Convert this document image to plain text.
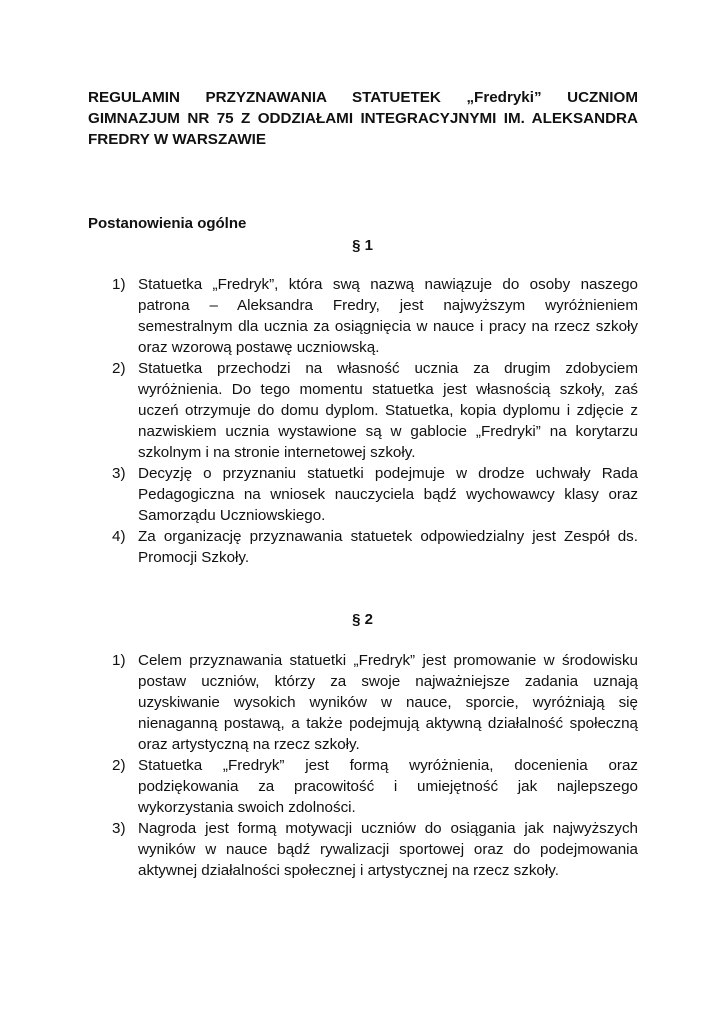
REGULAMIN PRZYZNAWANIA STATUETEK „Fredryki” UCZNIOM GIMNAZJUM NR 75 Z ODDZIAŁAMI INTEGRACYJNYMI IM. ALEKSANDRA FREDRY W WARSZAWIE
Postanowienia ogólne

§ 1

1) Statuetka „Fredryk”, która swą nazwą nawiązuje do osoby naszego patrona – Aleksandra Fredry, jest najwyższym wyróżnieniem semestralnym dla ucznia za osiągnięcia w nauce i pracy na rzecz szkoły oraz wzorową postawę uczniowską.
2) Statuetka przechodzi na własność ucznia za drugim zdobyciem wyróżnienia. Do tego momentu statuetka jest własnością szkoły, zaś uczeń otrzymuje do domu dyplom. Statuetka, kopia dyplomu i zdjęcie z nazwiskiem ucznia wystawione są w gablocie „Fredryki” na korytarzu szkolnym i na stronie internetowej szkoły.
3) Decyzję o przyznaniu statuetki podejmuje w drodze uchwały Rada Pedagogiczna na wniosek nauczyciela bądź wychowawcy klasy oraz Samorządu Uczniowskiego.
4) Za organizację przyznawania statuetek odpowiedzialny jest Zespół ds. Promocji Szkoły.

§ 2

1) Celem przyznawania statuetki „Fredryk” jest promowanie w środowisku postaw uczniów, którzy za swoje najważniejsze zadania uznają uzyskiwanie wysokich wyników w nauce, sporcie, wyróżniają się nienaganną postawą, a także podejmują aktywną działalność społeczną oraz artystyczną na rzecz szkoły.
2) Statuetka „Fredryk” jest formą wyróżnienia, docenienia oraz podziękowania za pracowitość i umiejętność jak najlepszego wykorzystania swoich zdolności.
3) Nagroda jest formą motywacji uczniów do osiągania jak najwyższych wyników w nauce bądź rywalizacji sportowej oraz do podejmowania aktywnej działalności społecznej i artystycznej na rzecz szkoły.
